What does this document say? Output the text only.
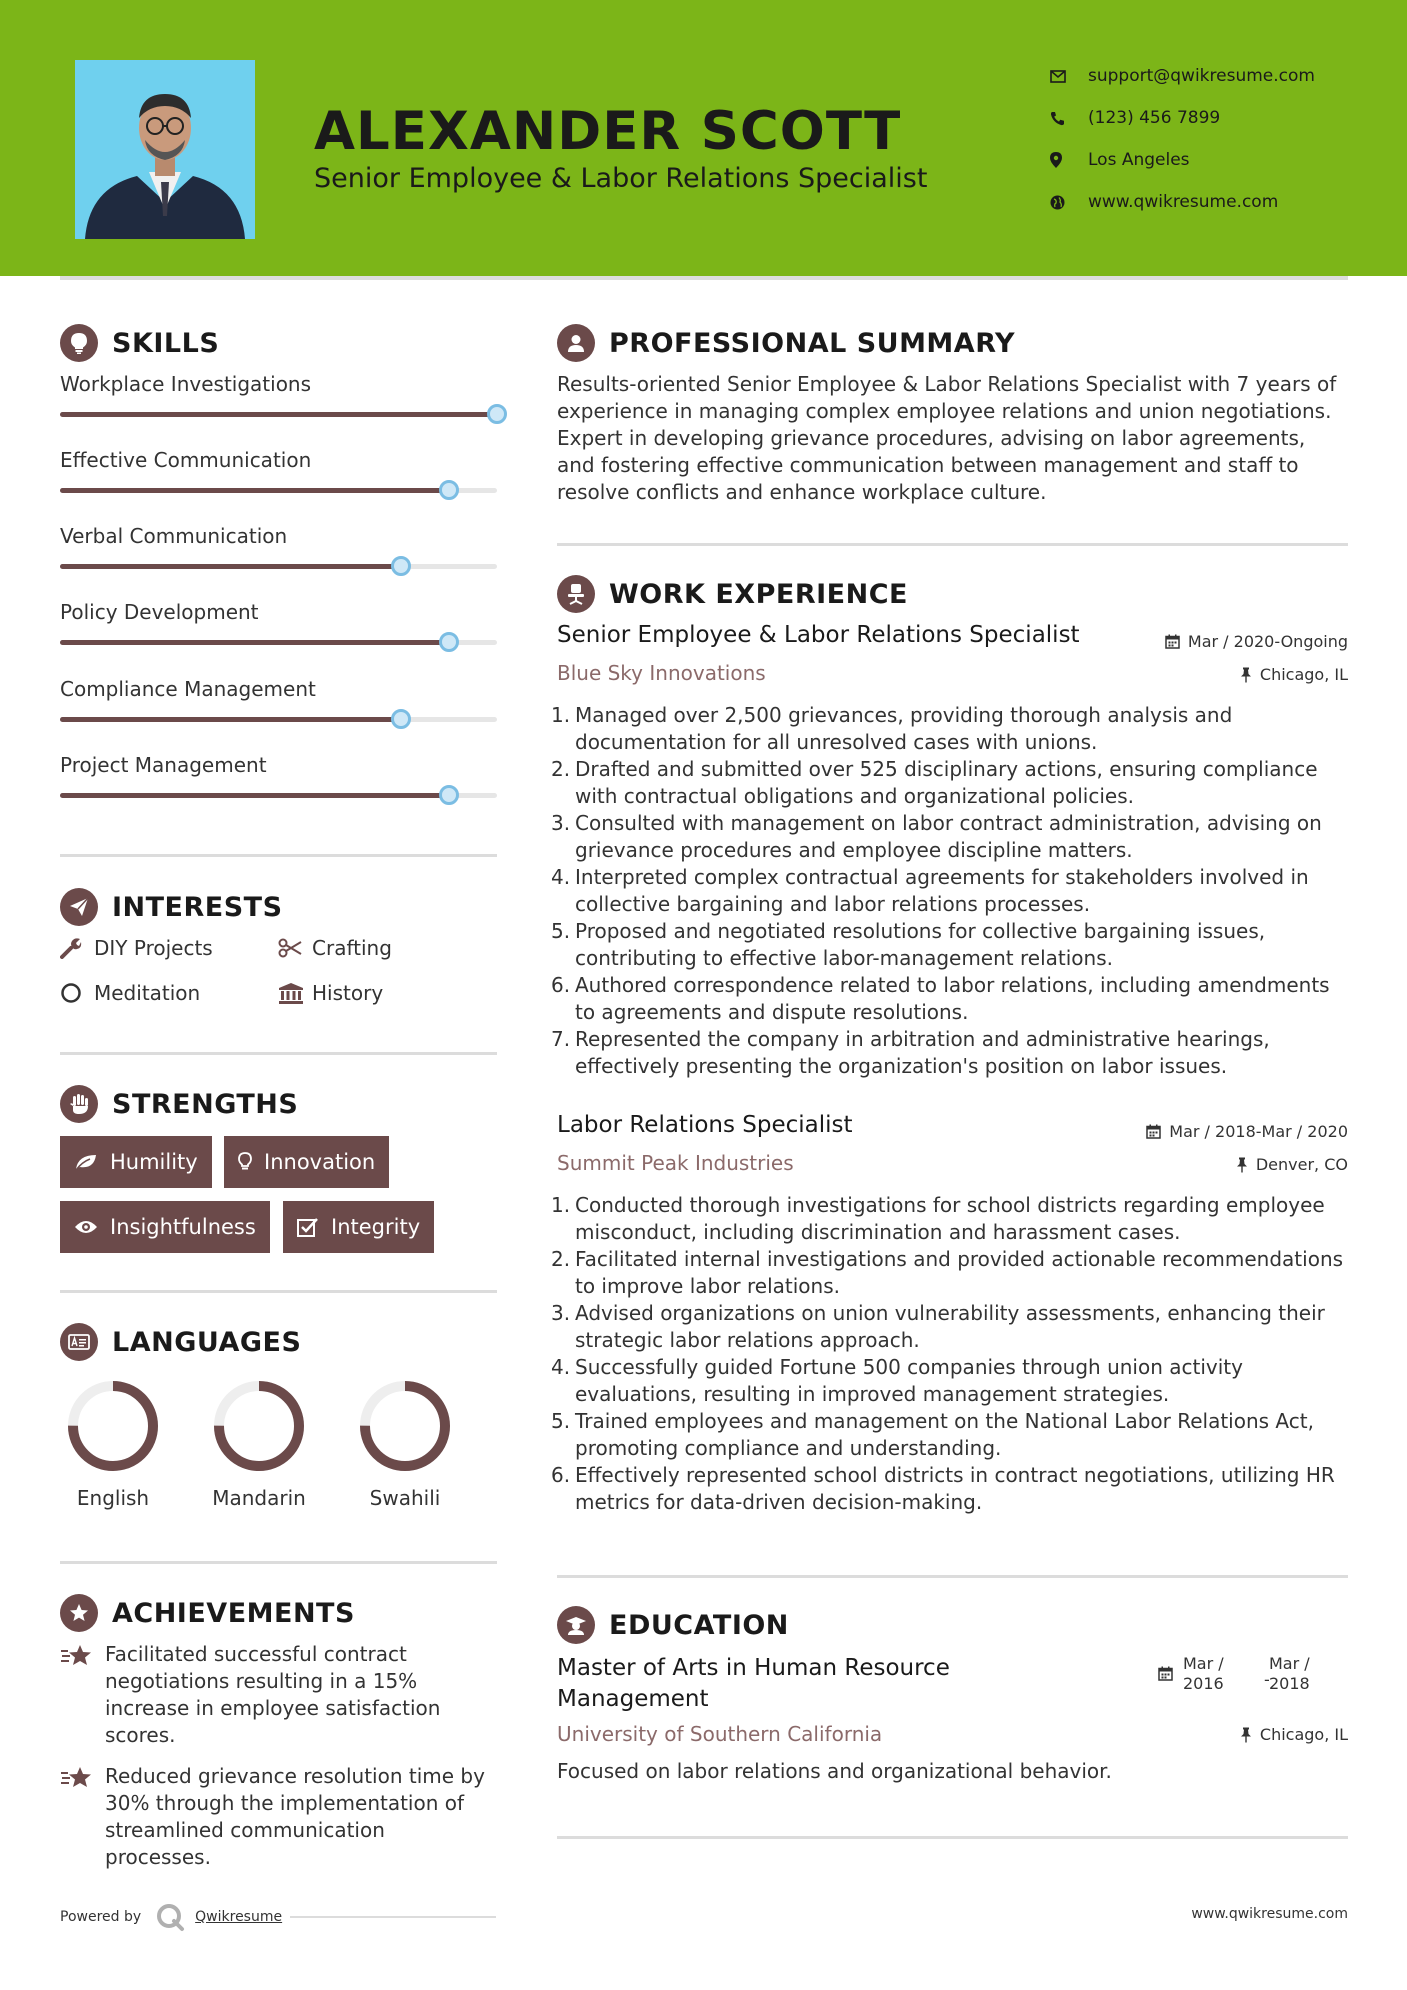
ALEXANDER SCOTT
Senior Employee & Labor Relations Specialist
support@qwikresume.com
(123) 456 7899
Los Angeles
www.qwikresume.com
SKILLS
Workplace Investigations
Effective Communication
Verbal Communication
Policy Development
Compliance Management
Project Management
INTERESTS
DIY Projects	Crafting
Meditation	History
STRENGTHS
Humility	Innovation
Insightfulness	Integrity
LANGUAGES
English	Mandarin	Swahili
ACHIEVEMENTS
Facilitated successful contract negotiations resulting in a 15% increase in employee satisfaction scores.
Reduced grievance resolution time by 30% through the implementation of streamlined communication processes.
PROFESSIONAL SUMMARY
Results-oriented Senior Employee & Labor Relations Specialist with 7 years of experience in managing complex employee relations and union negotiations. Expert in developing grievance procedures, advising on labor agreements, and fostering effective communication between management and staff to resolve conflicts and enhance workplace culture.
WORK EXPERIENCE
Senior Employee & Labor Relations Specialist	Mar / 2020-Ongoing
Blue Sky Innovations	Chicago, IL
1. Managed over 2,500 grievances, providing thorough analysis and documentation for all unresolved cases with unions.
2. Drafted and submitted over 525 disciplinary actions, ensuring compliance with contractual obligations and organizational policies.
3. Consulted with management on labor contract administration, advising on grievance procedures and employee discipline matters.
4. Interpreted complex contractual agreements for stakeholders involved in collective bargaining and labor relations processes.
5. Proposed and negotiated resolutions for collective bargaining issues, contributing to effective labor-management relations.
6. Authored correspondence related to labor relations, including amendments to agreements and dispute resolutions.
7. Represented the company in arbitration and administrative hearings, effectively presenting the organization's position on labor issues.
Labor Relations Specialist	Mar / 2018-Mar / 2020
Summit Peak Industries	Denver, CO
1. Conducted thorough investigations for school districts regarding employee misconduct, including discrimination and harassment cases.
2. Facilitated internal investigations and provided actionable recommendations to improve labor relations.
3. Advised organizations on union vulnerability assessments, enhancing their strategic labor relations approach.
4. Successfully guided Fortune 500 companies through union activity evaluations, resulting in improved management strategies.
5. Trained employees and management on the National Labor Relations Act, promoting compliance and understanding.
6. Effectively represented school districts in contract negotiations, utilizing HR metrics for data-driven decision-making.
EDUCATION
Master of Arts in Human Resource Management
Mar /
2016	-
Mar /
2018
University of Southern California	Chicago, IL
Focused on labor relations and organizational behavior.
Powered by	Qwikresume	www.qwikresume.com
